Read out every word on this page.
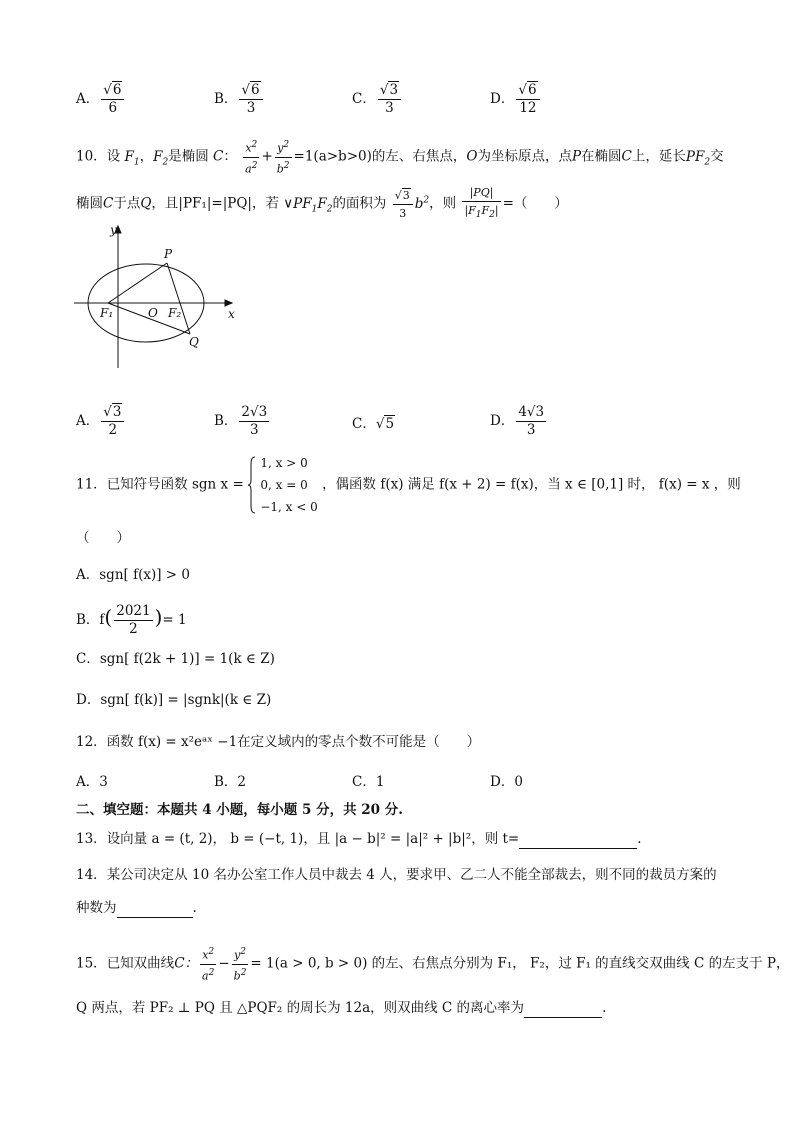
A． $\frac{√6}{6}$	B． $\frac{√6}{3}$	C． $\frac{√3}{3}$	D． $\frac{√6}{12}$
10．设 $F_1$，$F_2$是椭圆 C： $\frac{x^2}{a^2} + \frac{y^2}{b^2} =1(a>b>0)$的左、右焦点，O为坐标原点，点P在椭圆C上，延长$PF_2$交
椭圆C于点Q，且|PF₁|=|PQ|，若 $\vee PF_1F_2$的面积为 $\frac{√3}{3} b^2$，则 $\frac{|PQ|}{|F_1F_2|}$ =（　　）
y
x
P
O
F₁	F₂
Q
A． $\frac{√3}{2}$	B． $\frac{2√3}{3}$	C．√5	D． $\frac{4√3}{3}$
11．已知符号函数 sgn x =
1, x > 0
0, x = 0
−1, x < 0
，偶函数 f(x) 满足 f(x + 2) = f(x)，当 x ∈ [0,1] 时， f(x) = x ，则
（　　）
A．sgn[ f(x)] > 0
B．$f( \frac{2021}{2}$ )= 1
C．sgn[ f(2k + 1)] = 1(k ∈ Z)
D．sgn[ f(k)] = |sgnk|(k ∈ Z)
12．函数 f(x) = x²eᵃˣ −1在定义域内的零点个数不可能是（　　）
A．3	B．2	C．1	D．0
二、填空题：本题共 4 小题，每小题 5 分，共 20 分.
13．设向量 a = (t, 2)， b = (−t, 1)，且 |a − b|² = |a|² + |b|²，则 t=	.
14．某公司决定从 10 名办公室工作人员中裁去 4 人，要求甲、乙二人不能全部裁去，则不同的裁员方案的
种数为	.
15．已知双曲线C： $\frac{x^2}{a^2} - \frac{y^2}{b^2} = 1(a > 0$, b > 0) 的左、右焦点分别为 F₁， F₂，过 F₁ 的直线交双曲线 C 的左支于 P，
Q 两点，若 PF₂ ⊥ PQ 且 △PQF₂ 的周长为 12a，则双曲线 C 的离心率为	.
